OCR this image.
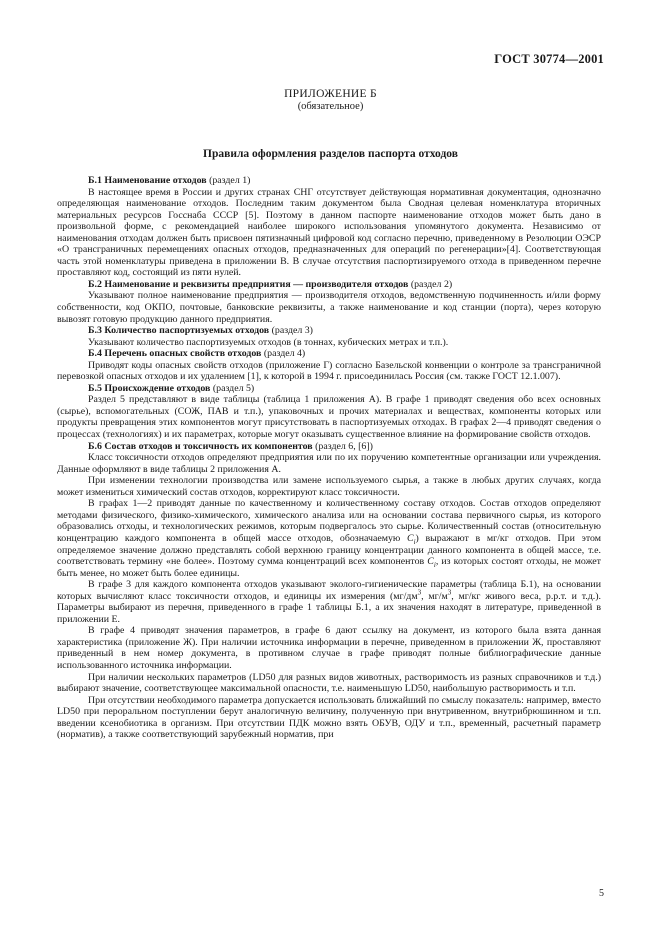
ГОСТ 30774—2001
ПРИЛОЖЕНИЕ Б
(обязательное)
Правила оформления разделов паспорта отходов

Б.1 Наименование отходов (раздел 1)

В настоящее время в России и других странах СНГ отсутствует действующая нормативная документация, однозначно определяющая наименование отходов. Последним таким документом была Сводная целевая номенклатура вторичных материальных ресурсов Госснаба СССР [5]. Поэтому в данном паспорте наименование отходов может быть дано в произвольной форме, с рекомендацией наиболее широкого использования упомянутого документа. Независимо от наименования отходам должен быть присвоен пятизначный цифровой код согласно перечню, приведенному в Резолюции ОЭСР «О трансграничных перемещениях опасных отходов, предназначенных для операций по регенерации»[4]. Соответствующая часть этой номенклатуры приведена в приложении В. В случае отсутствия паспортизируемого отхода в приведенном перечне проставляют код, состоящий из пяти нулей.

Б.2 Наименование и реквизиты предприятия — производителя отходов (раздел 2)

Указывают полное наименование предприятия — производителя отходов, ведомственную подчиненность и/или форму собственности, код ОКПО, почтовые, банковские реквизиты, а также наименование и код станции (порта), через которую вывозят готовую продукцию данного предприятия.

Б.3 Количество паспортизуемых отходов (раздел 3)

Указывают количество паспортизуемых отходов (в тоннах, кубических метрах и т.п.).

Б.4 Перечень опасных свойств отходов (раздел 4)

Приводят коды опасных свойств отходов (приложение Г) согласно Базельской конвенции о контроле за трансграничной перевозкой опасных отходов и их удалением [1], к которой в 1994 г. присоединилась Россия (см. также ГОСТ 12.1.007).

Б.5 Происхождение отходов (раздел 5)

Раздел 5 представляют в виде таблицы (таблица 1 приложения А). В графе 1 приводят сведения обо всех основных (сырье), вспомогательных (СОЖ, ПАВ и т.п.), упаковочных и прочих материалах и веществах, компоненты которых или продукты превращения этих компонентов могут присутствовать в паспортизуемых отходах. В графах 2—4 приводят сведения о процессах (технологиях) и их параметрах, которые могут оказывать существенное влияние на формирование свойств отходов.

Б.6 Состав отходов и токсичность их компонентов (раздел 6, [6])

Класс токсичности отходов определяют предприятия или по их поручению компетентные организации или учреждения. Данные оформляют в виде таблицы 2 приложения А.

При изменении технологии производства или замене используемого сырья, а также в любых других случаях, когда может измениться химический состав отходов, корректируют класс токсичности.

В графах 1—2 приводят данные по качественному и количественному составу отходов. Состав отходов определяют методами физического, физико-химического, химического анализа или на основании состава первичного сырья, из которого образовались отходы, и технологических режимов, которым подвергалось это сырье. Количественный состав (относительную концентрацию каждого компонента в общей массе отходов, обозначаемую $C_i$) выражают в мг/кг отходов. При этом определяемое значение должно представлять собой верхнюю границу концентрации данного компонента в общей массе, т.е. соответствовать термину «не более». Поэтому сумма концентраций всех компонентов $C_i$, из которых состоят отходы, не может быть менее, но может быть более единицы.

В графе 3 для каждого компонента отходов указывают эколого-гигиенические параметры (таблица Б.1), на основании которых вычисляют класс токсичности отходов, и единицы их измерения ($мг/дм^3$, $мг/м^3$, мг/кг живого веса, р.р.т. и т.д.). Параметры выбирают из перечня, приведенного в графе 1 таблицы Б.1, а их значения находят в литературе, приведенной в приложении Е.

В графе 4 приводят значения параметров, в графе 6 дают ссылку на документ, из которого была взята данная характеристика (приложение Ж). При наличии источника информации в перечне, приведенном в приложении Ж, проставляют приведенный в нем номер документа, в противном случае в графе приводят полные библиографические данные использованного источника информации.

При наличии нескольких параметров (LD50 для разных видов животных, растворимость из разных справочников и т.д.) выбирают значение, соответствующее максимальной опасности, т.е. наименьшую LD50, наибольшую растворимость и т.п.

При отсутствии необходимого параметра допускается использовать ближайший по смыслу показатель: например, вместо LD50 при пероральном поступлении берут аналогичную величину, полученную при внутривенном, внутрибрюшинном и т.п. введении ксенобиотика в организм. При отсутствии ПДК можно взять ОБУВ, ОДУ и т.п., временный, расчетный параметр (норматив), а также соответствующий зарубежный норматив, при

5
